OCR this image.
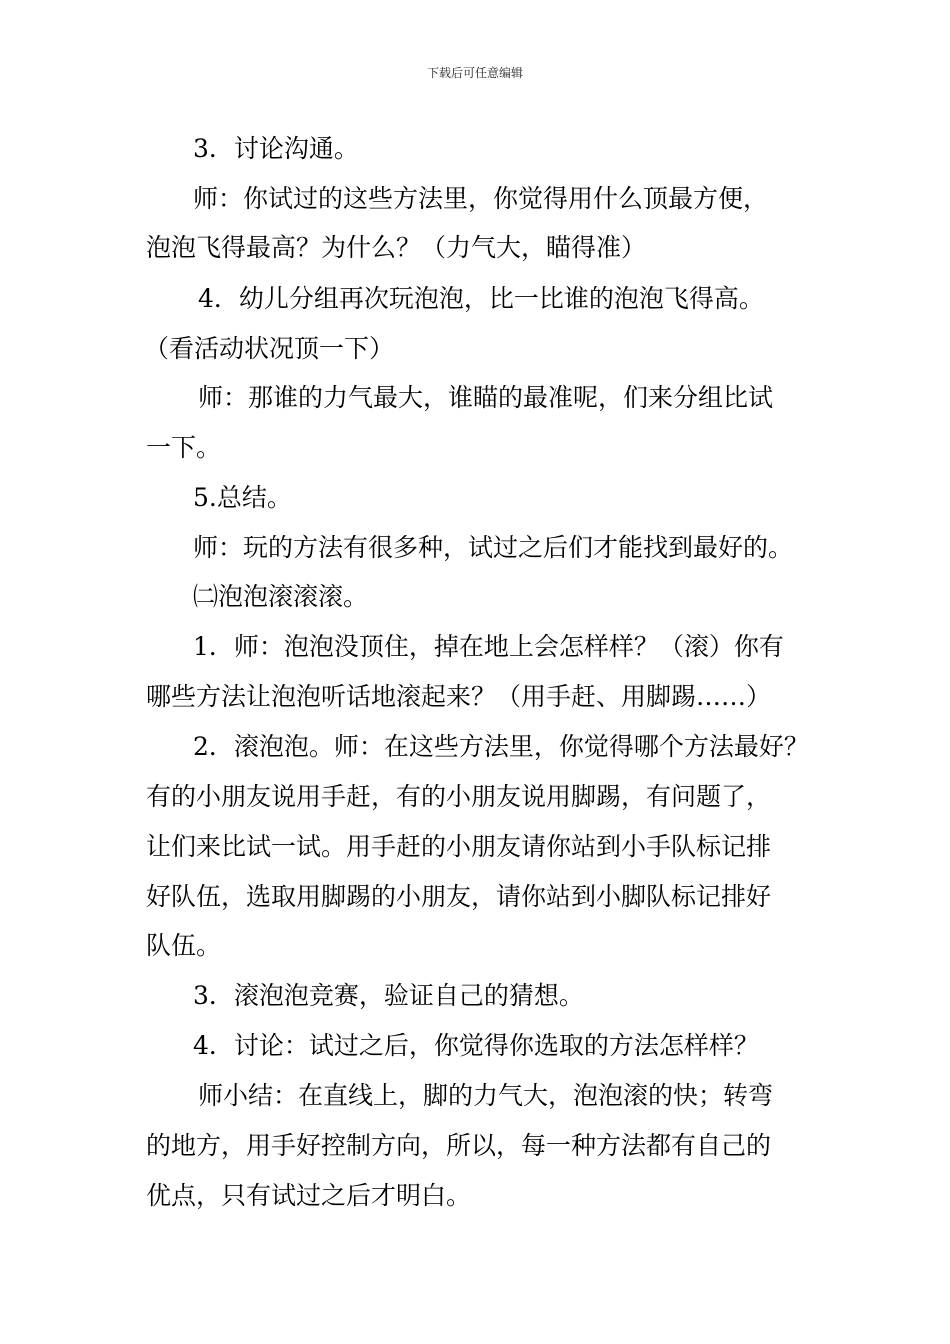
下载后可任意编辑
3．讨论沟通。
师：你试过的这些方法里，你觉得用什么顶最方便，
泡泡飞得最高？为什么？（力气大，瞄得准）
4．幼儿分组再次玩泡泡，比一比谁的泡泡飞得高。
（看活动状况顶一下）
师：那谁的力气最大，谁瞄的最准呢，们来分组比试
一下。
5.总结。
师：玩的方法有很多种，试过之后们才能找到最好的。
㈡泡泡滚滚滚。
1．师：泡泡没顶住，掉在地上会怎样样？（滚）你有
哪些方法让泡泡听话地滚起来？（用手赶、用脚踢……）
2．滚泡泡。师：在这些方法里，你觉得哪个方法最好？
有的小朋友说用手赶，有的小朋友说用脚踢，有问题了，
让们来比试一试。用手赶的小朋友请你站到小手队标记排
好队伍，选取用脚踢的小朋友，请你站到小脚队标记排好
队伍。
3．滚泡泡竞赛，验证自己的猜想。
4．讨论：试过之后，你觉得你选取的方法怎样样？
师小结：在直线上，脚的力气大，泡泡滚的快；转弯
的地方，用手好控制方向，所以，每一种方法都有自己的
优点，只有试过之后才明白。
